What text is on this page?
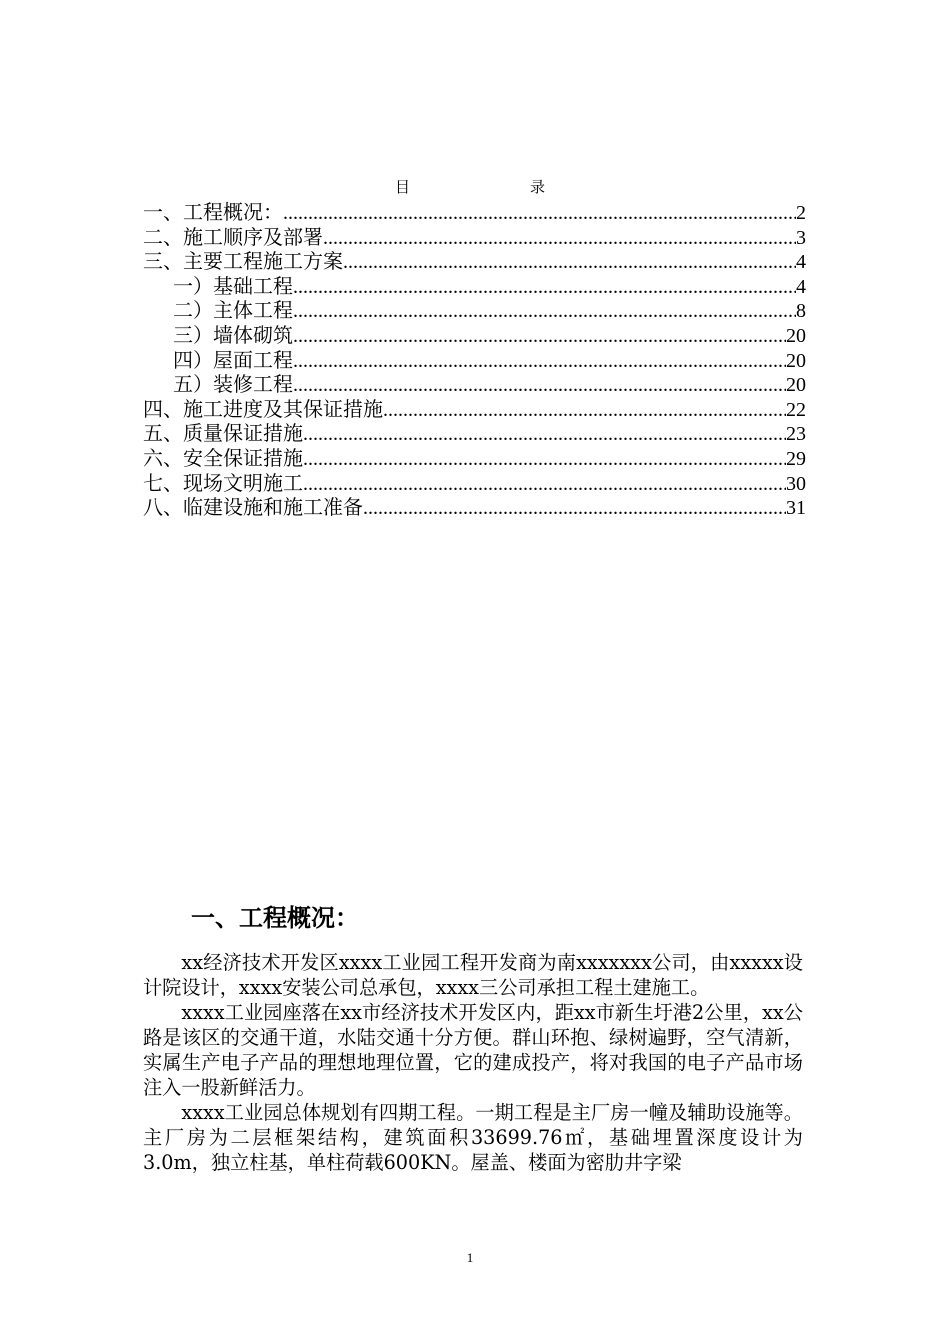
目	录
一、工程概况： .....	2
二、施工顺序及部署 .....	3
三、主要工程施工方案 .....	4
一）基础工程 .....	4
二）主体工程 .....	8
三）墙体砌筑 .....	20
四）屋面工程 .....	20
五）装修工程 .....	20
四、施工进度及其保证措施 .....	22
五、质量保证措施 .....	23
六、安全保证措施 .....	29
七、现场文明施工 .....	30
八、临建设施和施工准备 .....	31
一、工程概况：

xx经济技术开发区xxxx工业园工程开发商为南xxxxxxx公司，由xxxxx设计院设计，xxxx安装公司总承包，xxxx三公司承担工程土建施工。

xxxx工业园座落在xx市经济技术开发区内，距xx市新生圩港2公里，xx公路是该区的交通干道，水陆交通十分方便。群山环抱、绿树遍野，空气清新，实属生产电子产品的理想地理位置，它的建成投产，将对我国的电子产品市场注入一股新鲜活力。

xxxx工业园总体规划有四期工程。一期工程是主厂房一幢及辅助设施等。主厂房为二层框架结构，建筑面积33699.76㎡，基础埋置深度设计为 3.0m，独立柱基，单柱荷载600KN。屋盖、楼面为密肋井字梁

1
